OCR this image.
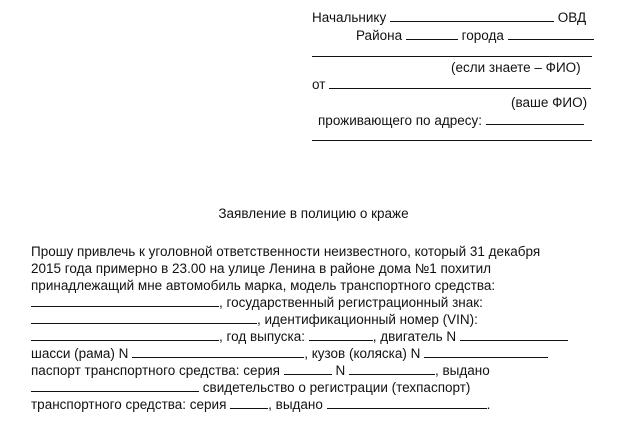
Начальнику	ОВД
Района	города
(если знаете – ФИО)
от
(ваше ФИО)
проживающего по адресу:
Заявление в полицию о краже
Прошу привлечь к уголовной ответственности неизвестного, который 31 декабря
2015 года примерно в 23.00 на улице Ленина в районе дома №1 похитил
принадлежащий мне автомобиль марка, модель транспортного средства:
, государственный регистрационный знак:
, идентификационный номер (VIN):
, год выпуска:	, двигатель N
шасси (рама) N	, кузов (коляска) N
паспорт транспортного средства: серия	N	, выдано
свидетельство о регистрации (техпаспорт)
транспортного средства: серия	, выдано	.
